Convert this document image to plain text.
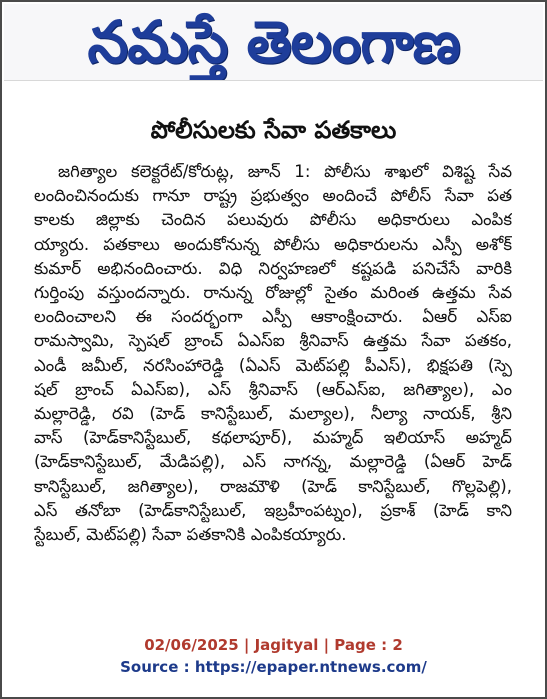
నమస్తే తెలంగాణ
పోలీసులకు సేవా పతకాలు
జగిత్యాల కలెక్టరేట్/కోరుట్ల, జూన్ 1: పోలీసు శాఖలో విశిష్ట సేవ
లందించినందుకు గానూ రాష్ట్ర ప్రభుత్వం అందించే పోలీస్ సేవా పత
కాలకు జిల్లాకు చెందిన పలువురు పోలీసు అధికారులు ఎంపిక
య్యారు. పతకాలు అందుకోనున్న పోలీసు అధికారులను ఎస్పీ అశోక్
కుమార్ అభినందించారు. విధి నిర్వహణలో కష్టపడి పనిచేసే వారికి
గుర్తింపు వస్తుందన్నారు. రానున్న రోజుల్లో సైతం మరింత ఉత్తమ సేవ
లందించాలని ఈ సందర్భంగా ఎస్పీ ఆకాంక్షించారు. ఏఆర్ ఎస్ఐ
రామస్వామి, స్పెషల్ బ్రాంచ్ ఏఎస్ఐ శ్రీనివాస్ ఉత్తమ సేవా పతకం,
ఎండీ జమీల్, నరసింహారెడ్డి (ఏఎస్ మెట్‌పల్లి పీఎస్), భిక్షపతి (స్పె
షల్ బ్రాంచ్ ఏఎస్ఐ), ఎస్ శ్రీనివాస్ (ఆర్ఎస్ఐ, జగిత్యాల), ఎం
మల్లారెడ్డి, రవి (హెడ్ కానిస్టేబుల్, మల్యాల), నీల్యా నాయక్, శ్రీని
వాస్ (హెడ్‌కానిస్టేబుల్, కథలాపూర్), మహ్మద్ ఇలియాస్ అహ్మద్
(హెడ్‌కానిస్టేబుల్, మేడిపల్లి), ఎస్ నాగన్న, మల్లారెడ్డి (ఏఆర్ హెడ్
కానిస్టేబుల్, జగిత్యాల), రాజమౌళి (హెడ్ కానిస్టేబుల్, గొల్లపెల్లి),
ఎస్ తనోబా (హెడ్‌కానిస్టేబుల్, ఇబ్రహీంపట్నం), ప్రకాశ్ (హెడ్ కాని
స్టేబుల్, మెట్‌పల్లి) సేవా పతకానికి ఎంపికయ్యారు.
02/06/2025 | Jagityal | Page : 2
Source : https://epaper.ntnews.com/
